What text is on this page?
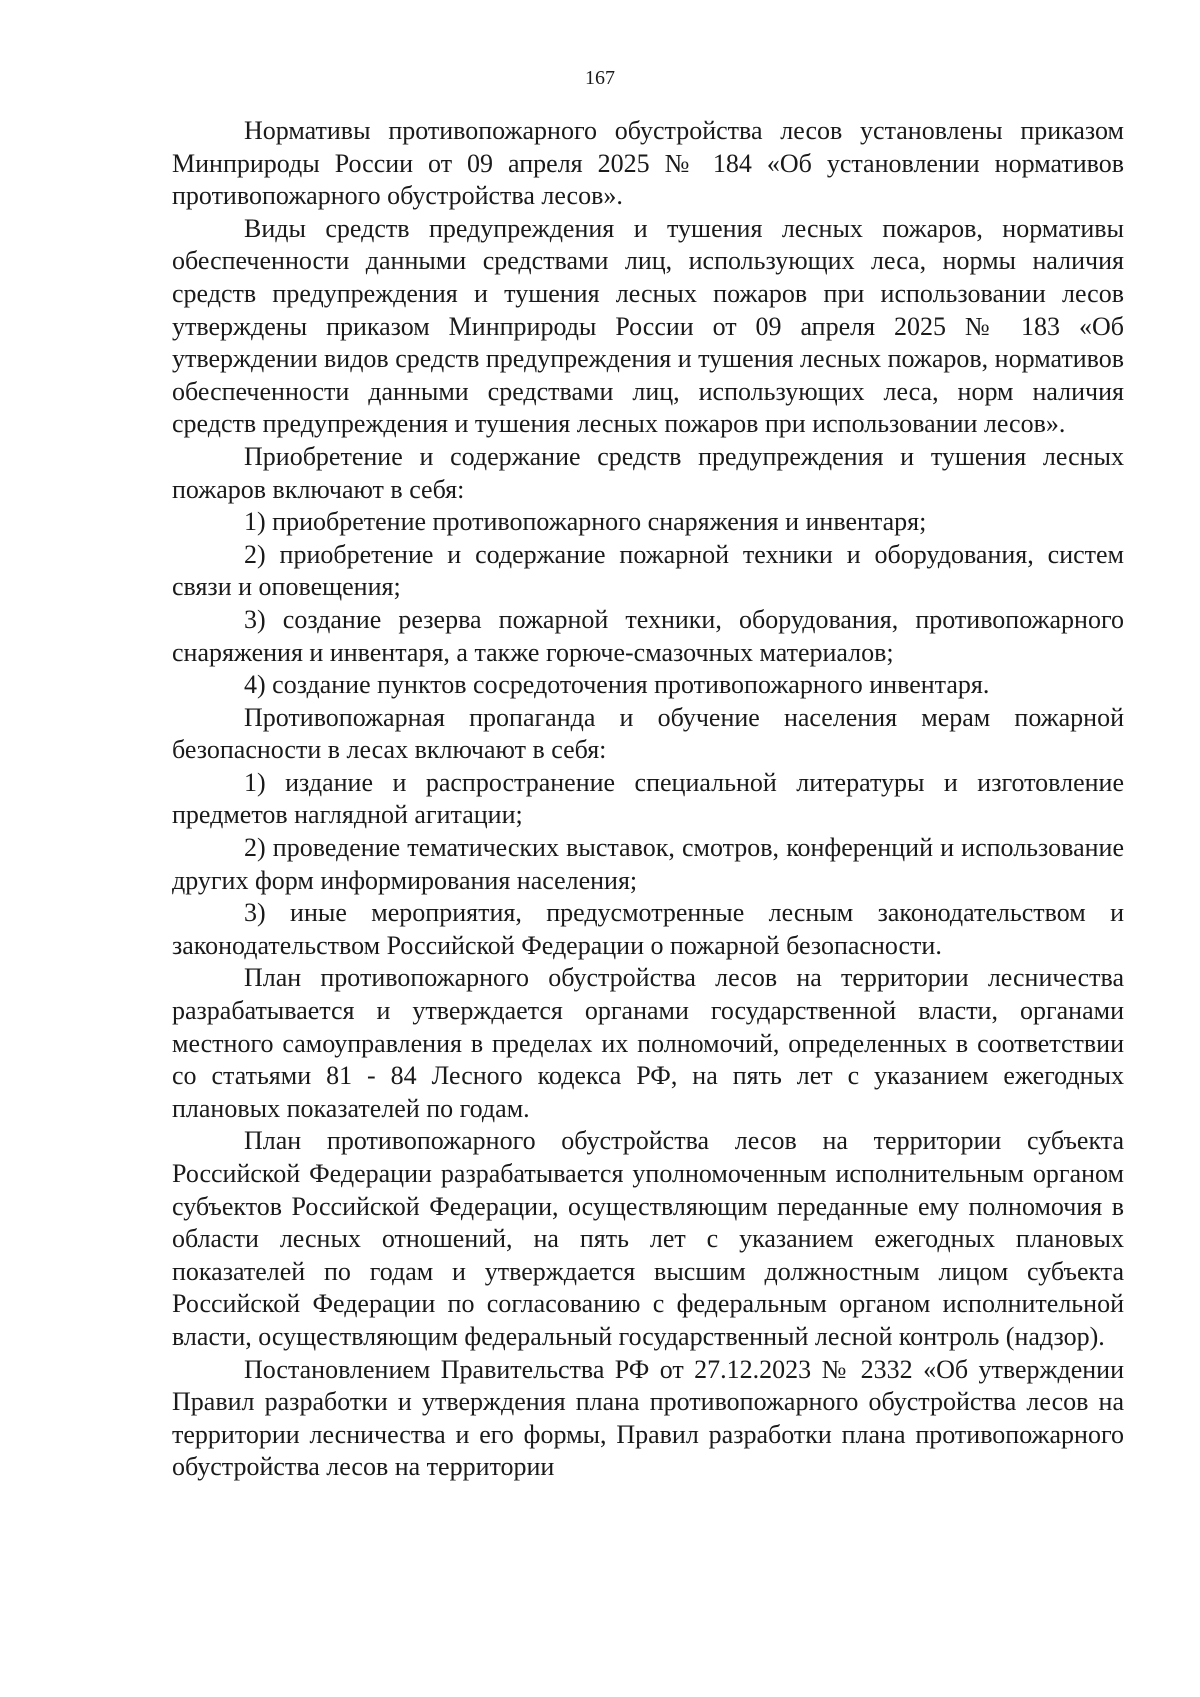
167

Нормативы противопожарного обустройства лесов установлены приказом Минприроды России от 09 апреля 2025 № 184 «Об установлении нормативов противопожарного обустройства лесов».

Виды средств предупреждения и тушения лесных пожаров, нормативы обеспеченности данными средствами лиц, использующих леса, нормы наличия средств предупреждения и тушения лесных пожаров при использовании лесов утверждены приказом Минприроды России от 09 апреля 2025 № 183 «Об утверждении видов средств предупреждения и тушения лесных пожаров, нормативов обеспеченности данными средствами лиц, использующих леса, норм наличия средств предупреждения и тушения лесных пожаров при использовании лесов».

Приобретение и содержание средств предупреждения и тушения лесных пожаров включают в себя:

1) приобретение противопожарного снаряжения и инвентаря;

2) приобретение и содержание пожарной техники и оборудования, систем связи и оповещения;

3) создание резерва пожарной техники, оборудования, противопожарного снаряжения и инвентаря, а также горюче-смазочных материалов;

4) создание пунктов сосредоточения противопожарного инвентаря.

Противопожарная пропаганда и обучение населения мерам пожарной безопасности в лесах включают в себя:

1) издание и распространение специальной литературы и изготовление предметов наглядной агитации;

2) проведение тематических выставок, смотров, конференций и использование других форм информирования населения;

3) иные мероприятия, предусмотренные лесным законодательством и законодательством Российской Федерации о пожарной безопасности.

План противопожарного обустройства лесов на территории лесничества разрабатывается и утверждается органами государственной власти, органами местного самоуправления в пределах их полномочий, определенных в соответствии со статьями 81 - 84 Лесного кодекса РФ, на пять лет с указанием ежегодных плановых показателей по годам.

План противопожарного обустройства лесов на территории субъекта Российской Федерации разрабатывается уполномоченным исполнительным органом субъектов Российской Федерации, осуществляющим переданные ему полномочия в области лесных отношений, на пять лет с указанием ежегодных плановых показателей по годам и утверждается высшим должностным лицом субъекта Российской Федерации по согласованию с федеральным органом исполнительной власти, осуществляющим федеральный государственный лесной контроль (надзор).

Постановлением Правительства РФ от 27.12.2023 № 2332 «Об утверждении Правил разработки и утверждения плана противопожарного обустройства лесов на территории лесничества и его формы, Правил разработки плана противопожарного обустройства лесов на территории
